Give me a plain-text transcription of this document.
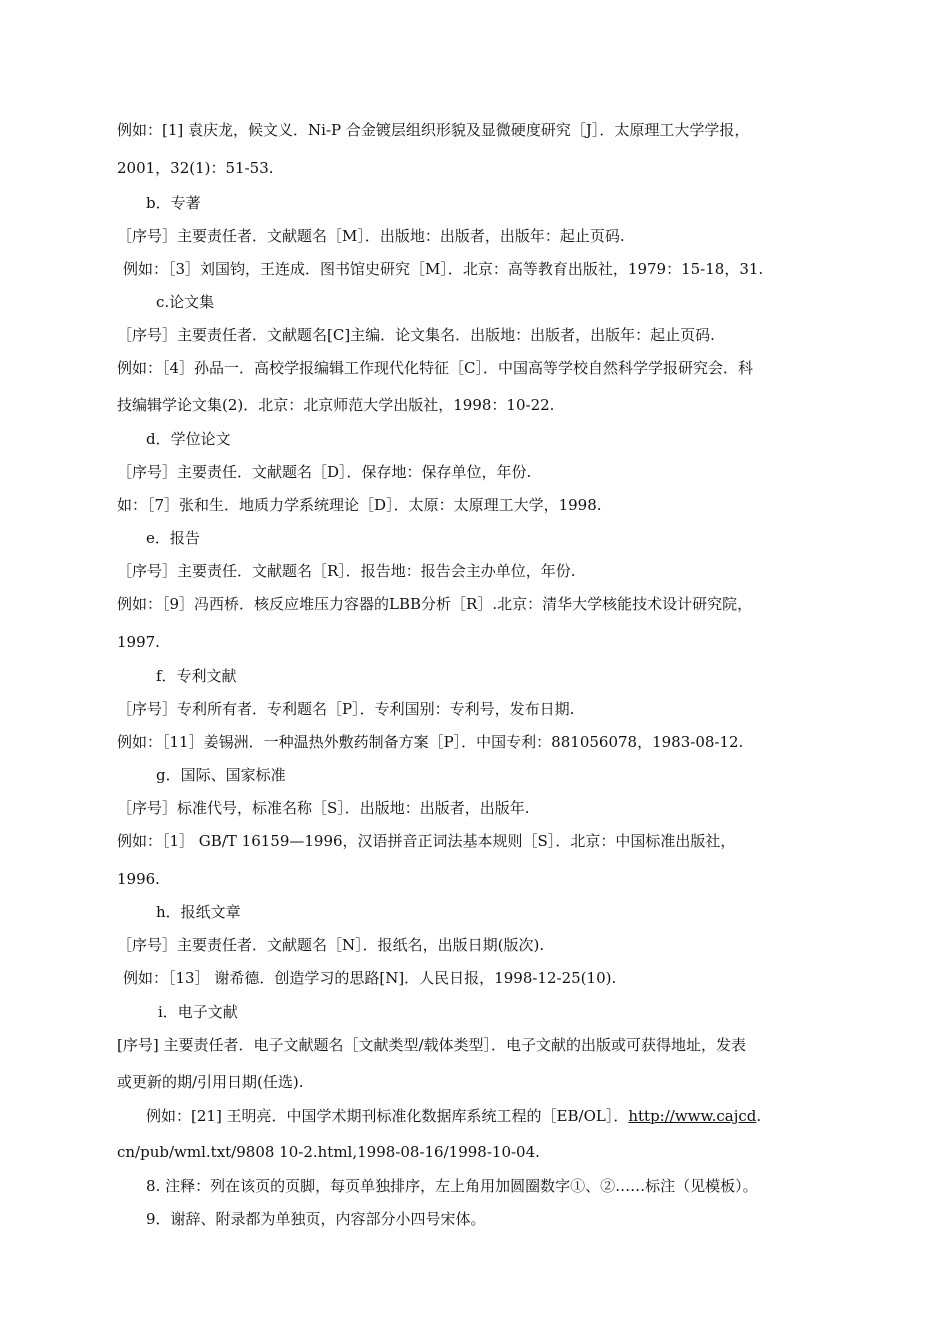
例如：[1] 袁庆龙，候文义．Ni-P 合金镀层组织形貌及显微硬度研究［J］．太原理工大学学报，
2001，32(1)：51-53.
b．专著
［序号］主要责任者．文献题名［M］．出版地：出版者，出版年：起止页码.
例如：［3］刘国钧，王连成．图书馆史研究［M］．北京：高等教育出版社，1979：15-18，31.
c.论文集
［序号］主要责任者．文献题名[C]主编．论文集名．出版地：出版者，出版年：起止页码.
例如：［4］孙品一．高校学报编辑工作现代化特征［C］．中国高等学校自然科学学报研究会．科
技编辑学论文集(2)．北京：北京师范大学出版社，1998：10-22.
d．学位论文
［序号］主要责任．文献题名［D］．保存地：保存单位，年份.
如：［7］张和生．地质力学系统理论［D］．太原：太原理工大学，1998.
e．报告
［序号］主要责任．文献题名［R］．报告地：报告会主办单位，年份.
例如：［9］冯西桥．核反应堆压力容器的LBB分析［R］.北京：清华大学核能技术设计研究院，
1997.
f．专利文献
［序号］专利所有者．专利题名［P］．专利国别：专利号，发布日期.
例如：［11］姜锡洲．一种温热外敷药制备方案［P］．中国专利：881056078，1983-08-12.
g．国际、国家标准
［序号］标准代号，标准名称［S］．出版地：出版者，出版年.
例如：［1］ GB/T 16159—1996，汉语拼音正词法基本规则［S］．北京：中国标准出版社，
1996.
h．报纸文章
［序号］主要责任者．文献题名［N］．报纸名，出版日期(版次).
例如：［13］ 谢希德．创造学习的思路[N]．人民日报，1998-12-25(10).
i．电子文献
[序号] 主要责任者．电子文献题名［文献类型/载体类型］．电子文献的出版或可获得地址，发表
或更新的期/引用日期(任选).
例如：[21] 王明亮．中国学术期刊标准化数据库系统工程的［EB/OL］．http://www.cajcd.
cn/pub/wml.txt/9808 10-2.html,1998-08-16/1998-10-04.
8. 注释：列在该页的页脚，每页单独排序，左上角用加圆圈数字①、②……标注（见模板）。
9．谢辞、附录都为单独页，内容部分小四号宋体。
